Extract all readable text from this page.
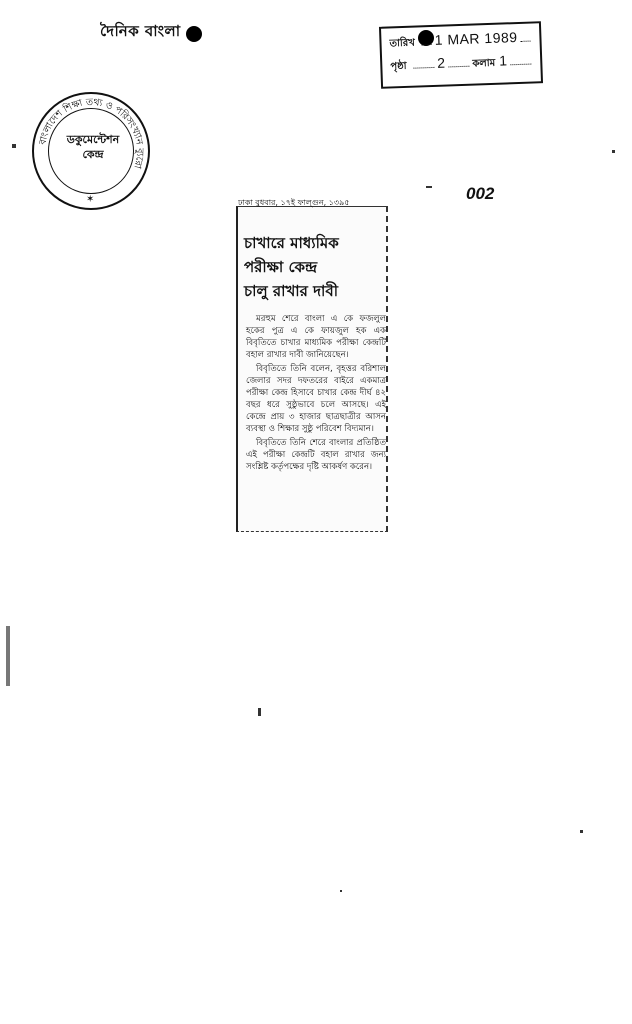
দৈনিক বাংলা
তারিখ 1 MAR 1989
পৃষ্ঠা 2	কলাম 1
বাংলাদেশ শিক্ষা তথ্য ও পরিসংখ্যান ব্যুরো
ডকুমেন্টেশন
কেন্দ্র
✶	002
ঢাকা বুধবার, ১৭ই ফাল্গুন, ১৩৯৫
চাখারে মাধ্যমিক
পরীক্ষা কেন্দ্র
চালু রাখার দাবী

মরহুম শেরে বাংলা এ কে ফজলুল হকের পুত্র এ কে ফায়জুল হক এক বিবৃতিতে চাখার মাধ্যমিক পরীক্ষা কেন্দ্রটি বহাল রাখার দাবী জানিয়েছেন।

বিবৃতিতে তিনি বলেন, বৃহত্তর বরিশাল জেলার সদর দফতরের বাইরে একমাত্র পরীক্ষা কেন্দ্র হিসাবে চাখার কেন্দ্র দীর্ঘ ৪২ বছর ধরে সুষ্ঠুভাবে চলে আসছে। এই কেন্দ্রে প্রায় ৩ হাজার ছাত্রছাত্রীর আসন ব্যবস্থা ও শিক্ষার সুষ্ঠু পরিবেশ বিদ্যমান।

বিবৃতিতে তিনি শেরে বাংলার প্রতিষ্ঠিত এই পরীক্ষা কেন্দ্রটি বহাল রাখার জন্য সংশ্লিষ্ট কর্তৃপক্ষের দৃষ্টি আকর্ষণ করেন।
